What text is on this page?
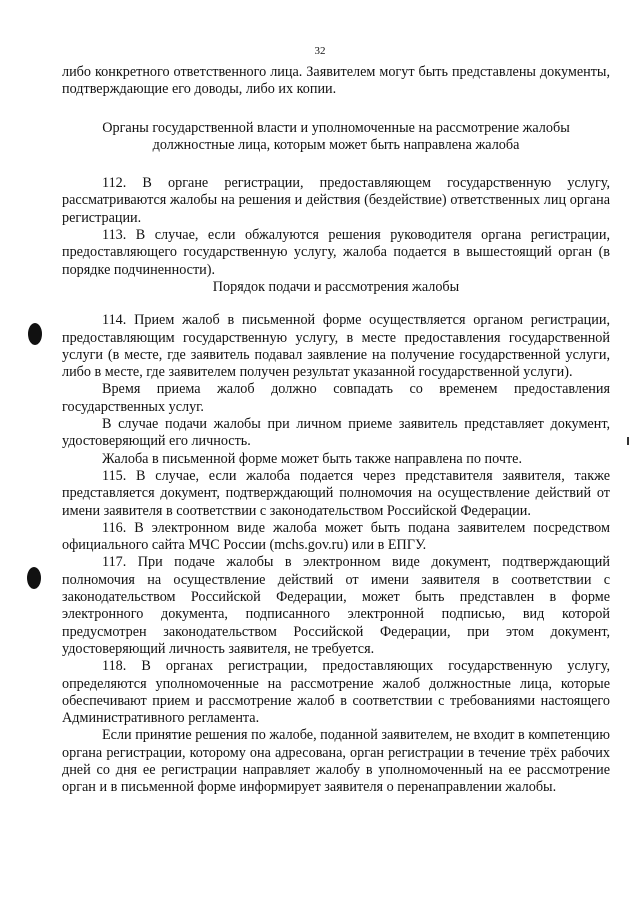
32

либо конкретного ответственного лица. Заявителем могут быть представлены документы, подтверждающие его доводы, либо их копии.

Органы государственной власти и уполномоченные на рассмотрение жалобы должностные лица, которым может быть направлена жалоба

112. В органе регистрации, предоставляющем государственную услугу, рассматриваются жалобы на решения и действия (бездействие) ответственных лиц органа регистрации.

113. В случае, если обжалуются решения руководителя органа регистрации, предоставляющего государственную услугу, жалоба подается в вышестоящий орган (в порядке подчиненности).

Порядок подачи и рассмотрения жалобы

114. Прием жалоб в письменной форме осуществляется органом регистрации, предоставляющим государственную услугу, в месте предоставления государственной услуги (в месте, где заявитель подавал заявление на получение государственной услуги, либо в месте, где заявителем получен результат указанной государственной услуги).

Время приема жалоб должно совпадать со временем предоставления государственных услуг.

В случае подачи жалобы при личном приеме заявитель представляет документ, удостоверяющий его личность.

Жалоба в письменной форме может быть также направлена по почте.

115. В случае, если жалоба подается через представителя заявителя, также представляется документ, подтверждающий полномочия на осуществление действий от имени заявителя в соответствии с законодательством Российской Федерации.

116. В электронном виде жалоба может быть подана заявителем посредством официального сайта МЧС России (mchs.gov.ru) или в ЕПГУ.

117. При подаче жалобы в электронном виде документ, подтверждающий полномочия на осуществление действий от имени заявителя в соответствии с законодательством Российской Федерации, может быть представлен в форме электронного документа, подписанного электронной подписью, вид которой предусмотрен законодательством Российской Федерации, при этом документ, удостоверяющий личность заявителя, не требуется.

118. В органах регистрации, предоставляющих государственную услугу, определяются уполномоченные на рассмотрение жалоб должностные лица, которые обеспечивают прием и рассмотрение жалоб в соответствии с требованиями настоящего Административного регламента.

Если принятие решения по жалобе, поданной заявителем, не входит в компетенцию органа регистрации, которому она адресована, орган регистрации в течение трёх рабочих дней со дня ее регистрации направляет жалобу в уполномоченный на ее рассмотрение орган и в письменной форме информирует заявителя о перенаправлении жалобы.
